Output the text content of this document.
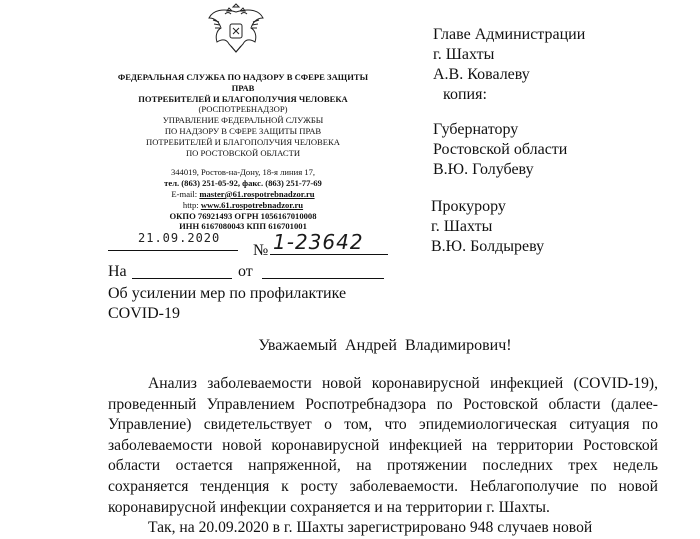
ФЕДЕРАЛЬНАЯ СЛУЖБА ПО НАДЗОРУ В СФЕРЕ ЗАЩИТЫ ПРАВ
ПОТРЕБИТЕЛЕЙ И БЛАГОПОЛУЧИЯ ЧЕЛОВЕКА
(РОСПОТРЕБНАДЗОР)
УПРАВЛЕНИЕ ФЕДЕРАЛЬНОЙ СЛУЖБЫ
ПО НАДЗОРУ В СФЕРЕ ЗАЩИТЫ ПРАВ
ПОТРЕБИТЕЛЕЙ И БЛАГОПОЛУЧИЯ ЧЕЛОВЕКА
ПО РОСТОВСКОЙ ОБЛАСТИ
344019, Ростов-на-Дону, 18-я линия 17,
тел. (863) 251-05-92, факс. (863) 251-77-69
E-mail: master@61.rospotrebnadzor.ru
http: www.61.rospotrebnadzor.ru
ОКПО 76921493 ОГРН 1056167010008
ИНН 6167080043 КПП 616701001
21.09.2020
№ 1-23642
На	от
Об усилении мер по профилактике
COVID-19
Главе Администрации
г. Шахты
А.В. Ковалеву
копия:
Губернатору
Ростовской области
В.Ю. Голубеву
Прокурору
г. Шахты
В.Ю. Болдыреву
Уважаемый Андрей Владимирович!

Анализ заболеваемости новой коронавирусной инфекцией (COVID-19), проведенный Управлением Роспотребнадзора по Ростовской области (далее-Управление) свидетельствует о том, что эпидемиологическая ситуация по заболеваемости новой коронавирусной инфекцией на территории Ростовской области остается напряженной, на протяжении последних трех недель сохраняется тенденция к росту заболеваемости. Неблагополучие по новой коронавирусной инфекции сохраняется и на территории г. Шахты.

Так, на 20.09.2020 в г. Шахты зарегистрировано 948 случаев новой
